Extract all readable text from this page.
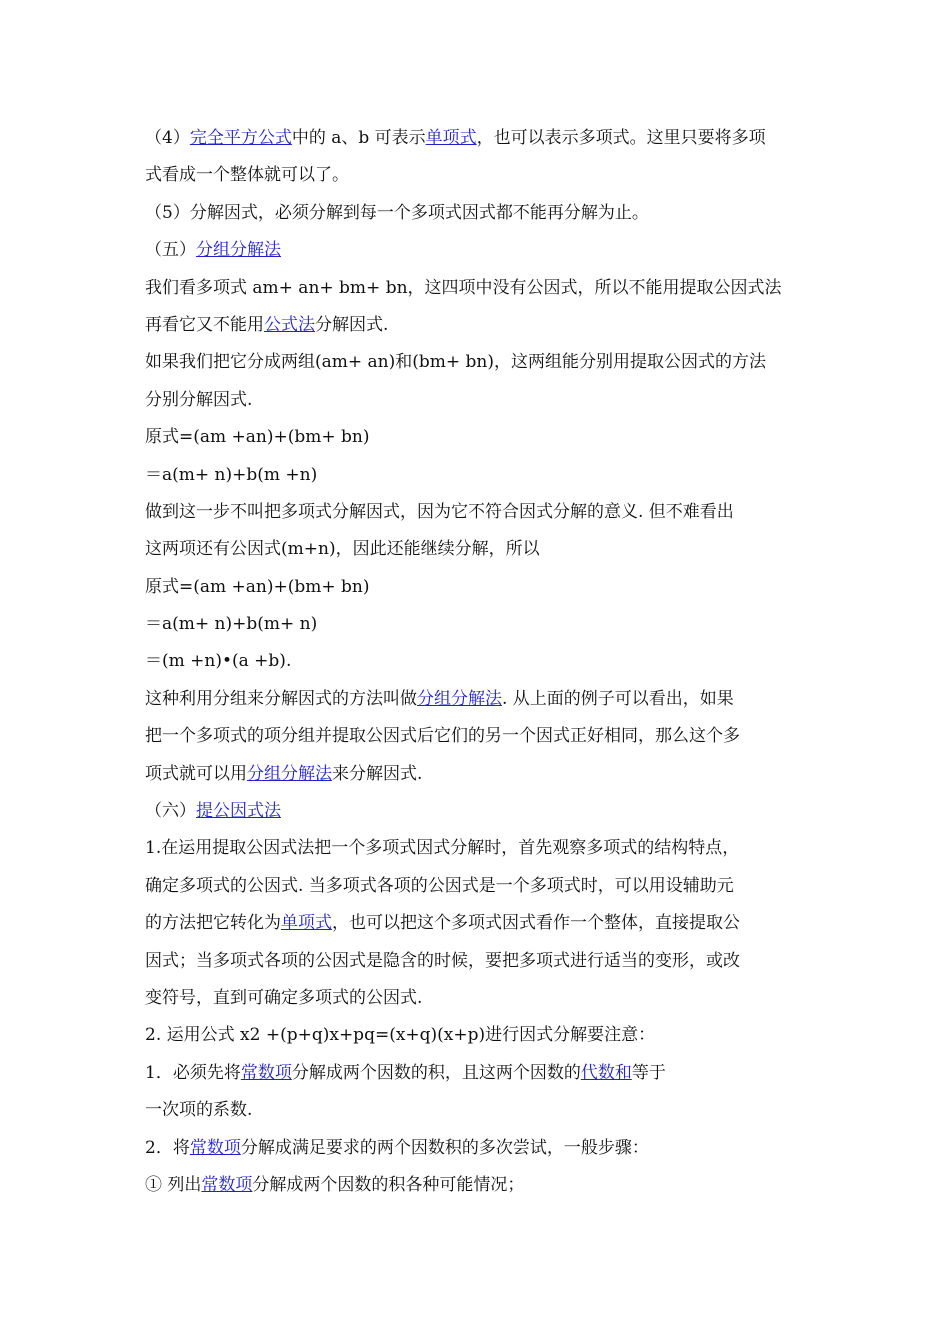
（4）完全平方公式中的 a、b 可表示单项式，也可以表示多项式。这里只要将多项
式看成一个整体就可以了。
（5）分解因式，必须分解到每一个多项式因式都不能再分解为止。
（五）分组分解法
我们看多项式 am+ an+ bm+ bn，这四项中没有公因式，所以不能用提取公因式法
再看它又不能用公式法分解因式.
如果我们把它分成两组(am+ an)和(bm+ bn)，这两组能分别用提取公因式的方法
分别分解因式.
原式=(am +an)+(bm+ bn)
＝a(m+ n)+b(m +n)
做到这一步不叫把多项式分解因式，因为它不符合因式分解的意义. 但不难看出
这两项还有公因式(m+n)，因此还能继续分解，所以
原式=(am +an)+(bm+ bn)
＝a(m+ n)+b(m+ n)
＝(m +n)•(a +b).
这种利用分组来分解因式的方法叫做分组分解法. 从上面的例子可以看出，如果
把一个多项式的项分组并提取公因式后它们的另一个因式正好相同，那么这个多
项式就可以用分组分解法来分解因式.
（六）提公因式法
1.在运用提取公因式法把一个多项式因式分解时，首先观察多项式的结构特点，
确定多项式的公因式. 当多项式各项的公因式是一个多项式时，可以用设辅助元
的方法把它转化为单项式，也可以把这个多项式因式看作一个整体，直接提取公
因式；当多项式各项的公因式是隐含的时候，要把多项式进行适当的变形，或改
变符号，直到可确定多项式的公因式.
2. 运用公式 x2 +(p+q)x+pq=(x+q)(x+p)进行因式分解要注意：
1．必须先将常数项分解成两个因数的积，且这两个因数的代数和等于
一次项的系数.
2．将常数项分解成满足要求的两个因数积的多次尝试，一般步骤：
① 列出常数项分解成两个因数的积各种可能情况；
